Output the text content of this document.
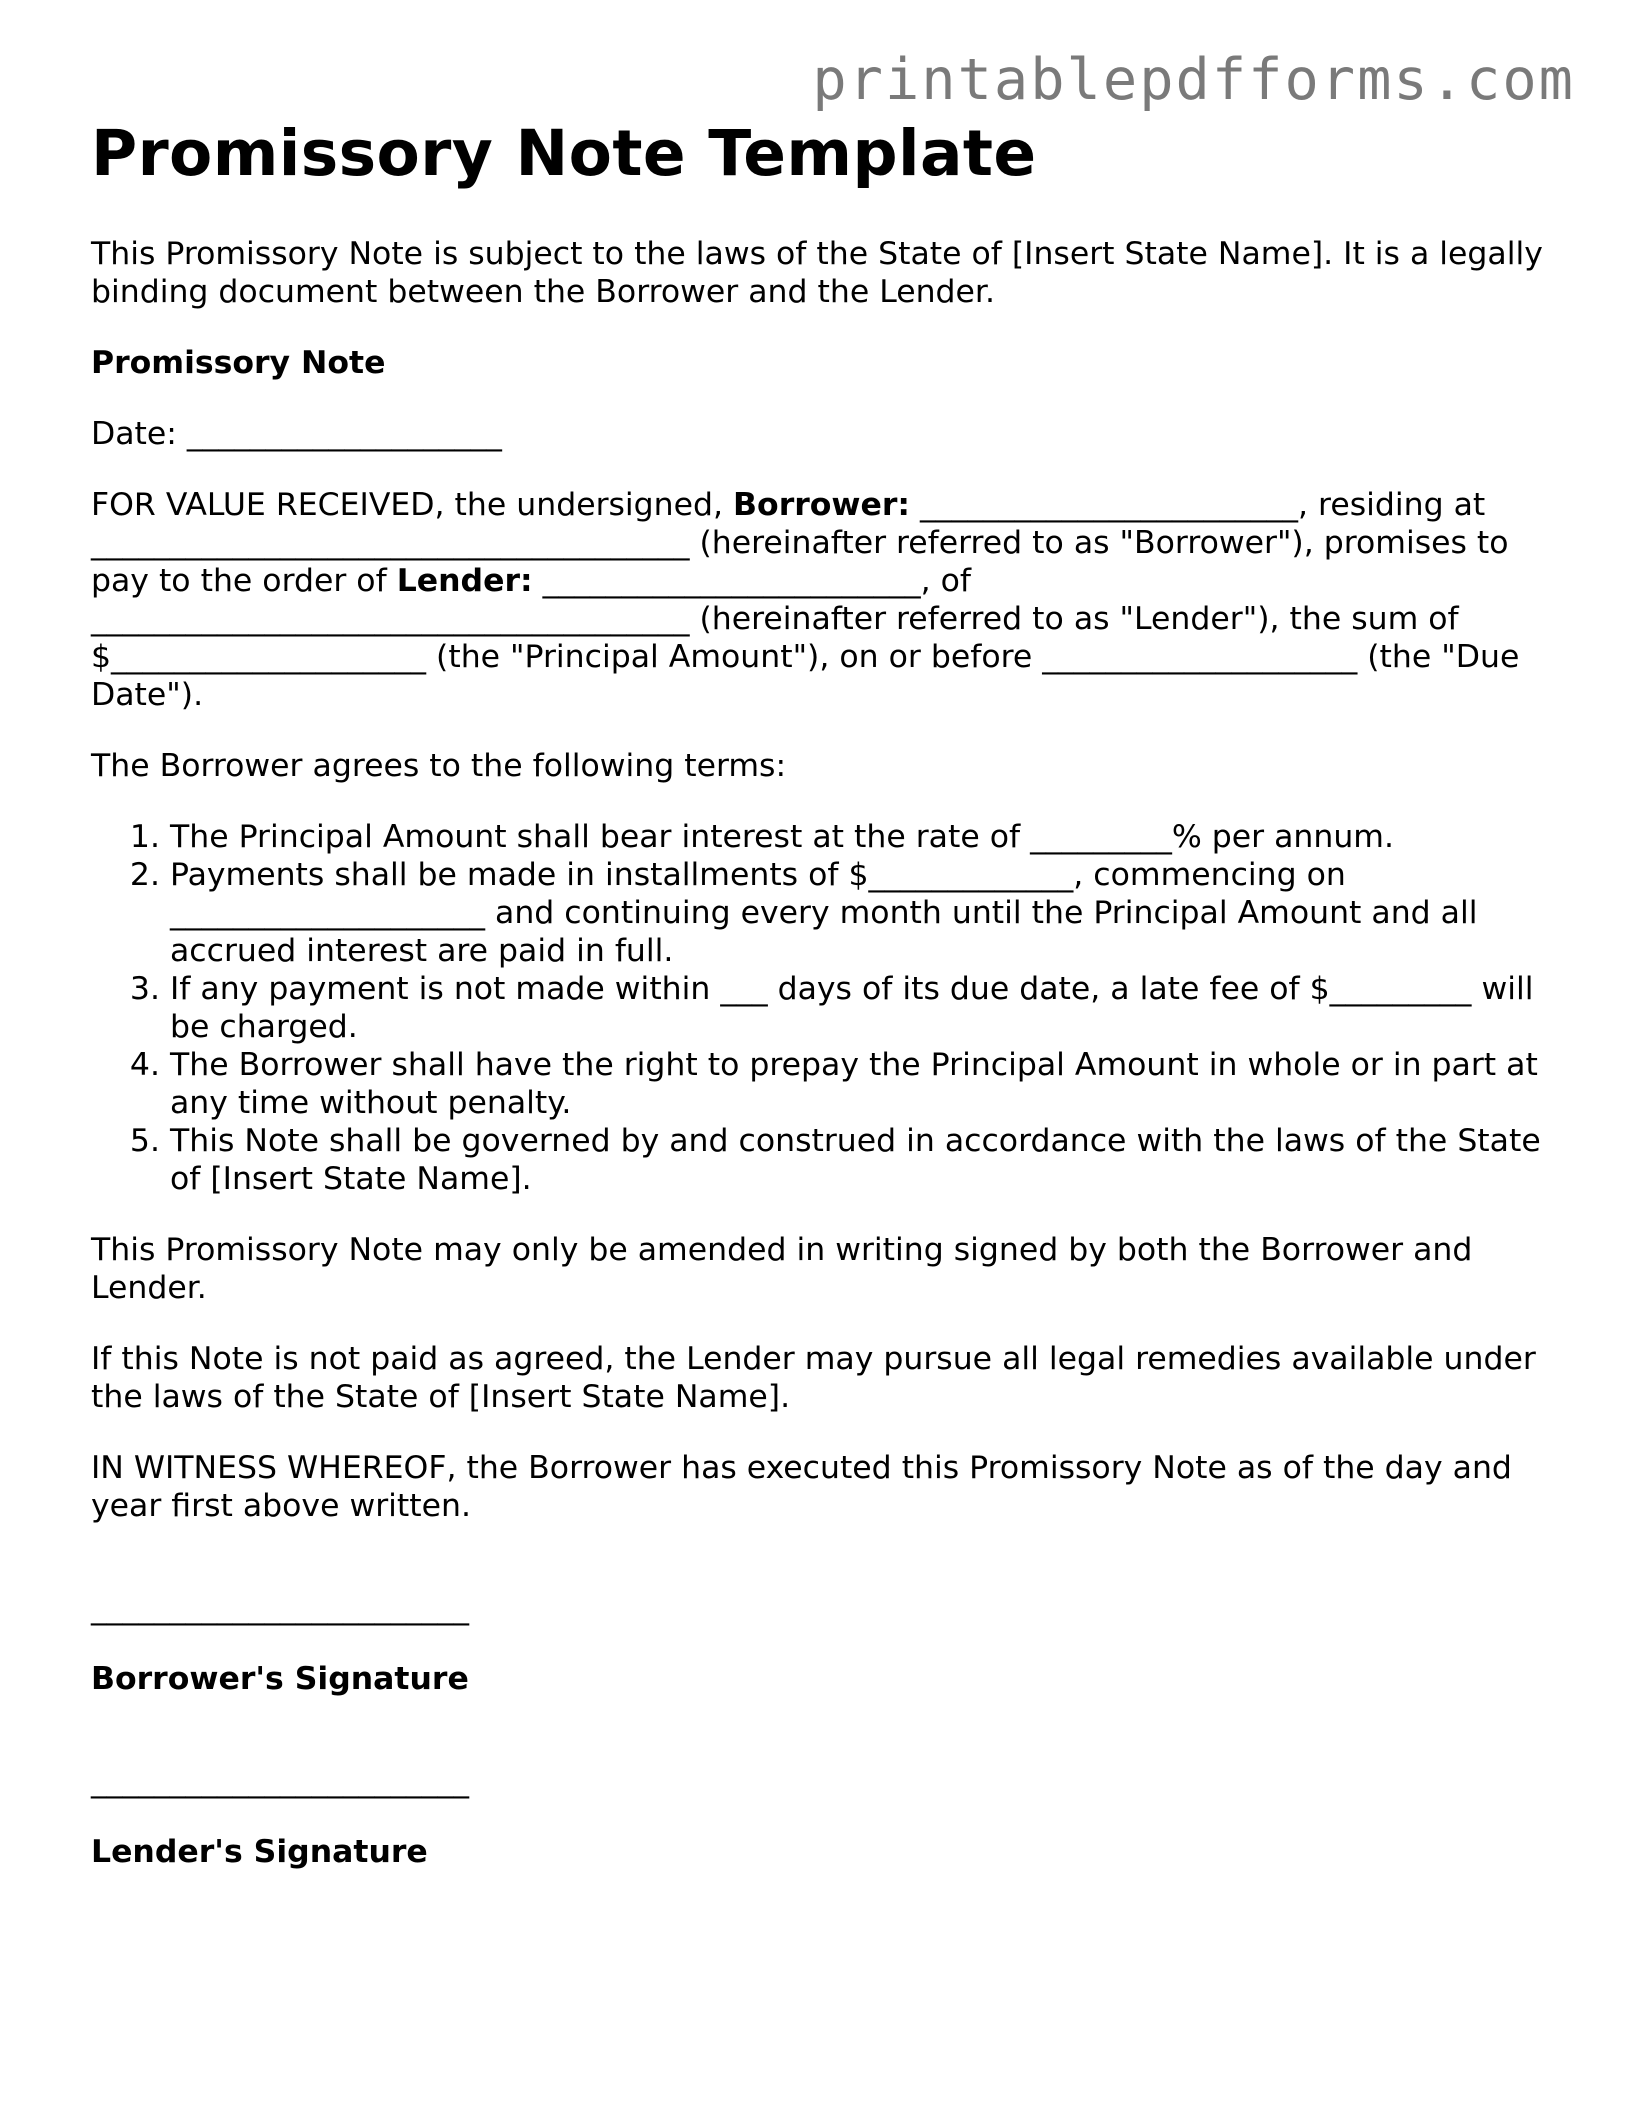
printablepdfforms.com
Promissory Note Template

This Promissory Note is subject to the laws of the State of [Insert State Name]. It is a legally binding document between the Borrower and the Lender.

Promissory Note

Date: ____________________

FOR VALUE RECEIVED, the undersigned, Borrower: ________________________, residing at ______________________________________ (hereinafter referred to as "Borrower"), promises to pay to the order of Lender: ________________________, of ______________________________________ (hereinafter referred to as "Lender"), the sum of $____________________ (the "Principal Amount"), on or before ____________________ (the "Due Date").

The Borrower agrees to the following terms:

1. The Principal Amount shall bear interest at the rate of _________% per annum.
2. Payments shall be made in installments of $_____________, commencing on ____________________ and continuing every month until the Principal Amount and all accrued interest are paid in full.
3. If any payment is not made within ___ days of its due date, a late fee of $_________ will be charged.
4. The Borrower shall have the right to prepay the Principal Amount in whole or in part at any time without penalty.
5. This Note shall be governed by and construed in accordance with the laws of the State of [Insert State Name].

This Promissory Note may only be amended in writing signed by both the Borrower and Lender.

If this Note is not paid as agreed, the Lender may pursue all legal remedies available under the laws of the State of [Insert State Name].

IN WITNESS WHEREOF, the Borrower has executed this Promissory Note as of the day and year first above written.

________________________

Borrower's Signature

________________________

Lender's Signature
